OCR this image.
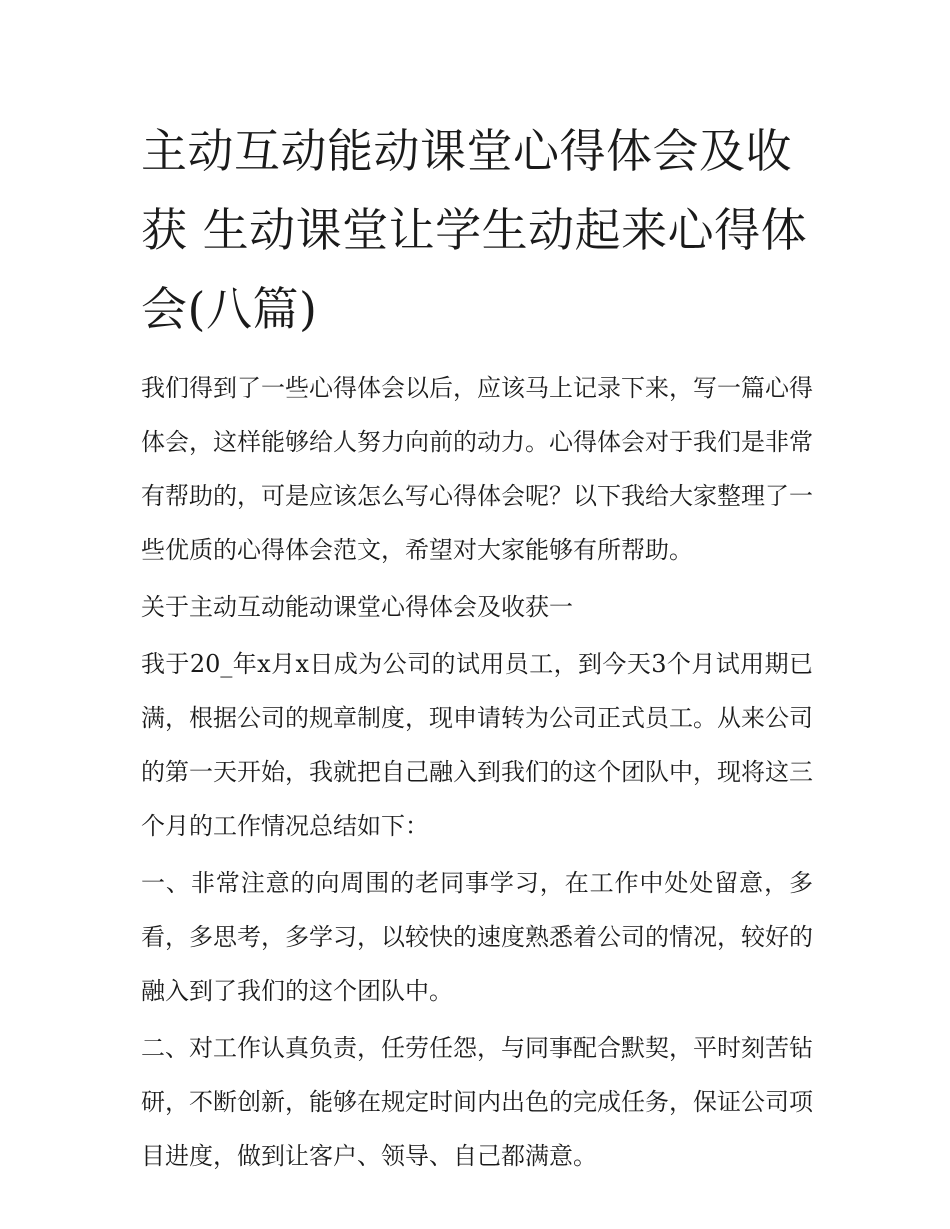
主动互动能动课堂心得体会及收获 生动课堂让学生动起来心得体会(八篇)

我们得到了一些心得体会以后，应该马上记录下来，写一篇心得体会，这样能够给人努力向前的动力。心得体会对于我们是非常有帮助的，可是应该怎么写心得体会呢？以下我给大家整理了一些优质的心得体会范文，希望对大家能够有所帮助。

关于主动互动能动课堂心得体会及收获一

我于20_年x月x日成为公司的试用员工，到今天3个月试用期已满，根据公司的规章制度，现申请转为公司正式员工。从来公司的第一天开始，我就把自己融入到我们的这个团队中，现将这三个月的工作情况总结如下：

一、非常注意的向周围的老同事学习，在工作中处处留意，多看，多思考，多学习，以较快的速度熟悉着公司的情况，较好的融入到了我们的这个团队中。

二、对工作认真负责，任劳任怨，与同事配合默契，平时刻苦钻研，不断创新，能够在规定时间内出色的完成任务，保证公司项目进度，做到让客户、领导、自己都满意。
